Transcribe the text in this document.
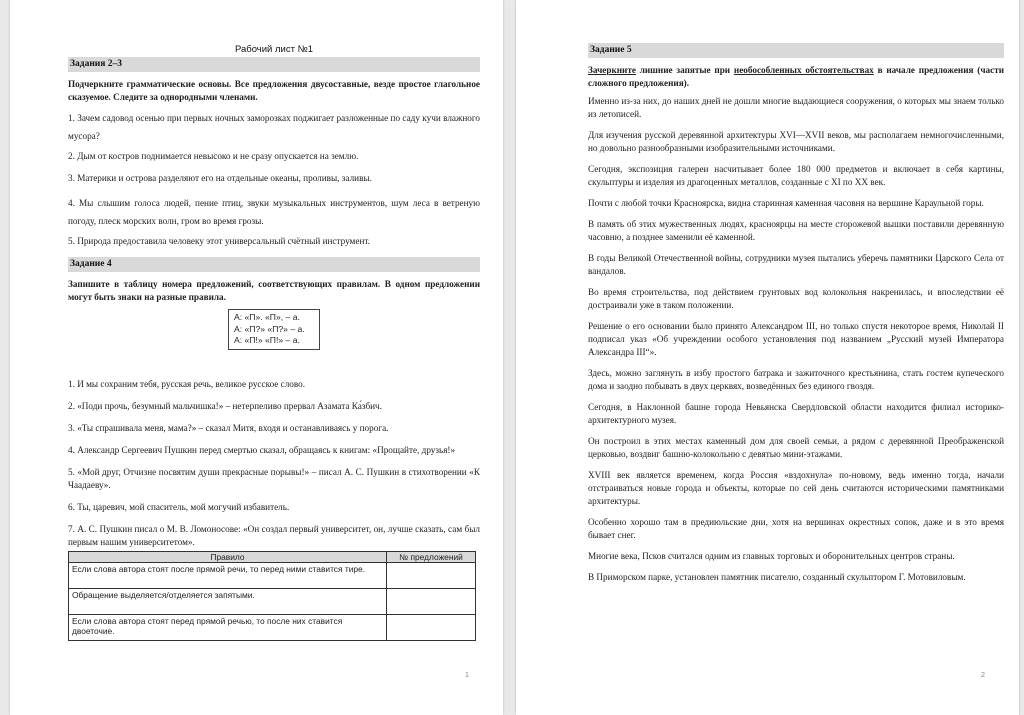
Рабочий лист №1
Задания 2–3
Подчеркните грамматические основы. Все предложения двусоставные, везде простое глагольное сказуемое. Следите за однородными членами.
1. Зачем садовод осенью при первых ночных заморозках поджигает разложенные по саду кучи влажного мусора?
2. Дым от костров поднимается невысоко и не сразу опускается на землю.
3. Материки и острова разделяют его на отдельные океаны, проливы, заливы.
4. Мы слышим голоса людей, пение птиц, звуки музыкальных инструментов, шум леса в ветреную погоду, плеск морских волн, гром во время грозы.
5. Природа предоставила человеку этот универсальный счётный инструмент.
Задание 4
Запишите в таблицу номера предложений, соответствующих правилам. В одном предложении могут быть знаки на разные правила.
А: «П». «П», – а.
А: «П?» «П?» – а.
А: «П!» «П!» – а.
1. И мы сохраним тебя, русская речь, великое русское слово.
2. «Поди прочь, безумный мальчишка!» – нетерпеливо прервал Азамата Ка́збич.
3. «Ты спрашивала меня, мама?» – сказал Митя, входя и останавливаясь у порога.
4. Александр Сергеевич Пушкин перед смертью сказал, обращаясь к книгам: «Прощайте, друзья!»
5. «Мой друг, Отчизне посвятим души прекрасные порывы!» – писал А. С. Пушкин в стихотворении «К Чаадаеву».
6. Ты, царевич, мой спаситель, мой могучий избавитель.
7. А. С. Пушкин писал о М. В. Ломоносове: «Он создал первый университет, он, лучше сказать, сам был первым нашим университетом».
Правило	№ предложений
Если слова автора стоят после прямой речи, то перед ними ставится тире.	
Обращение выделяется/отделяется запятыми.	
Если слова автора стоят перед прямой речью, то после них ставится двоеточие.	
1
Задание 5
Зачеркните лишние запятые при необособленных обстоятельствах в начале предложения (части сложного предложения).
Именно из-за них, до наших дней не дошли многие выдающиеся сооружения, о которых мы знаем только из летописей.
Для изучения русской деревянной архитектуры XVI—XVII веков, мы располагаем немногочисленными, но довольно разнообразными изобразительными источниками.
Сегодня, экспозиция галереи насчитывает более 180 000 предметов и включает в себя картины, скульптуры и изделия из драгоценных металлов, созданные с XI по XX век.
Почти с любой точки Красноярска, видна старинная каменная часовня на вершине Караульной горы.
В память об этих мужественных людях, красноярцы на месте сторожевой вышки поставили деревянную часовню, а позднее заменили её каменной.
В годы Великой Отечественной войны, сотрудники музея пытались уберечь памятники Царского Села от вандалов.
Во время строительства, под действием грунтовых вод колокольня накренилась, и впоследствии её достраивали уже в таком положении.
Решение о его основании было принято Александром III, но только спустя некоторое время, Николай II подписал указ «Об учреждении особого установления под названием „Русский музей Императора Александра III“».
Здесь, можно заглянуть в избу простого батрака и зажиточного крестьянина, стать гостем купеческого дома и заодно побывать в двух церквях, возведённых без единого гвоздя.
Сегодня, в Наклонной башне города Невьянска Свердловской области находится филиал историко-архитектурного музея.
Он построил в этих местах каменный дом для своей семьи, а рядом с деревянной Преображенской церковью, воздвиг башню-колокольню с девятью мини-этажами.
XVIII век является временем, когда Россия «вздохнула» по-новому, ведь именно тогда, начали отстраиваться новые города и объекты, которые по сей день считаются историческими памятниками архитектуры.
Особенно хорошо там в предиюльские дни, хотя на вершинах окрестных сопок, даже и в это время бывает снег.
Многие века, Псков считался одним из главных торговых и оборонительных центров страны.
В Приморском парке, установлен памятник писателю, созданный скульптором Г. Мотовиловым.
2
